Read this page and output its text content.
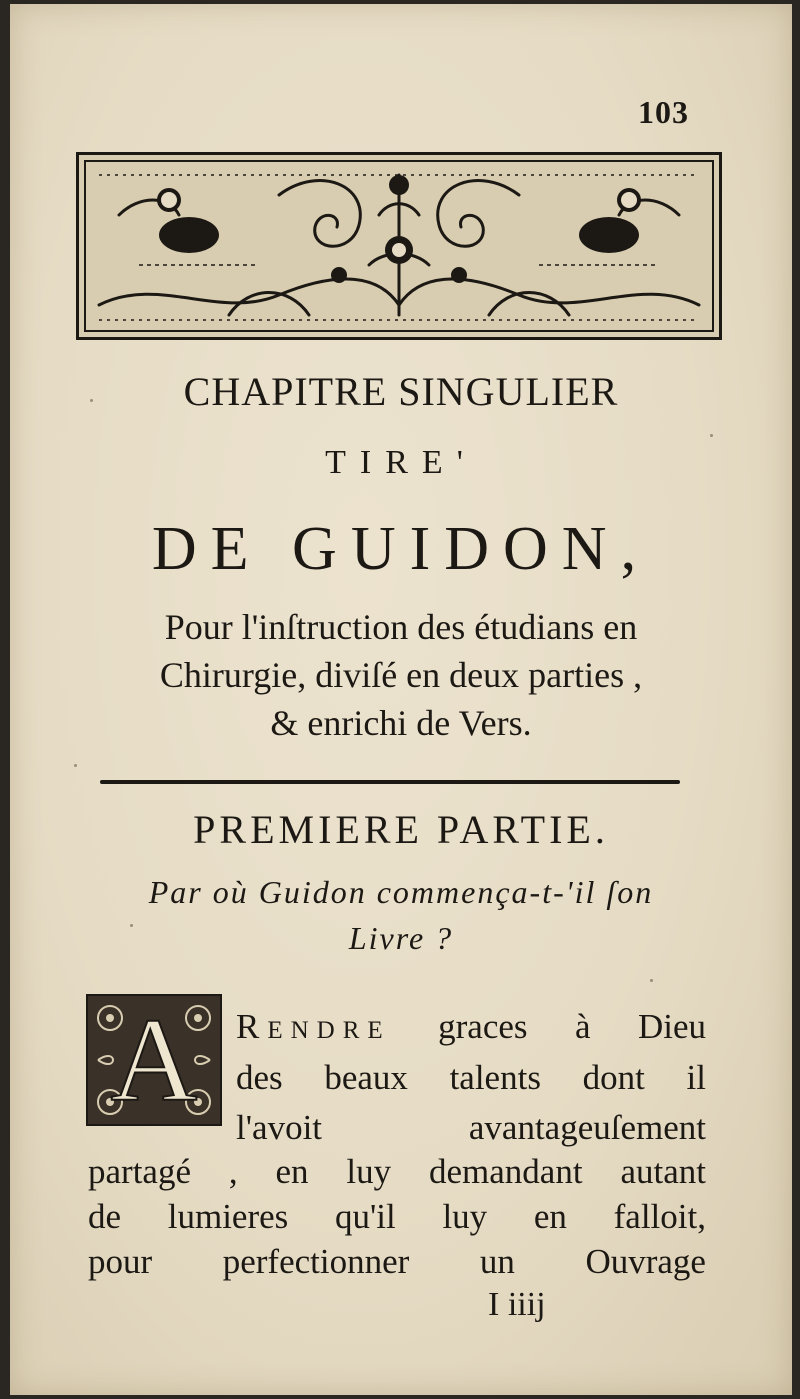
103
CHAPITRE SINGULIER
TIRE'
DE GUIDON,
Pour l'inſtruction des étudians en
Chirurgie, diviſé en deux parties ,
& enrichi de Vers.
PREMIERE PARTIE.
Par où Guidon commença-t-'il ſon
Livre ?
A	RENDRE graces à Dieu
des beaux talents dont il
l'avoit	avantageuſement
partagé , en luy demandant autant
de lumieres qu'il luy en falloit,
pour perfectionner un Ouvrage
I iiij
